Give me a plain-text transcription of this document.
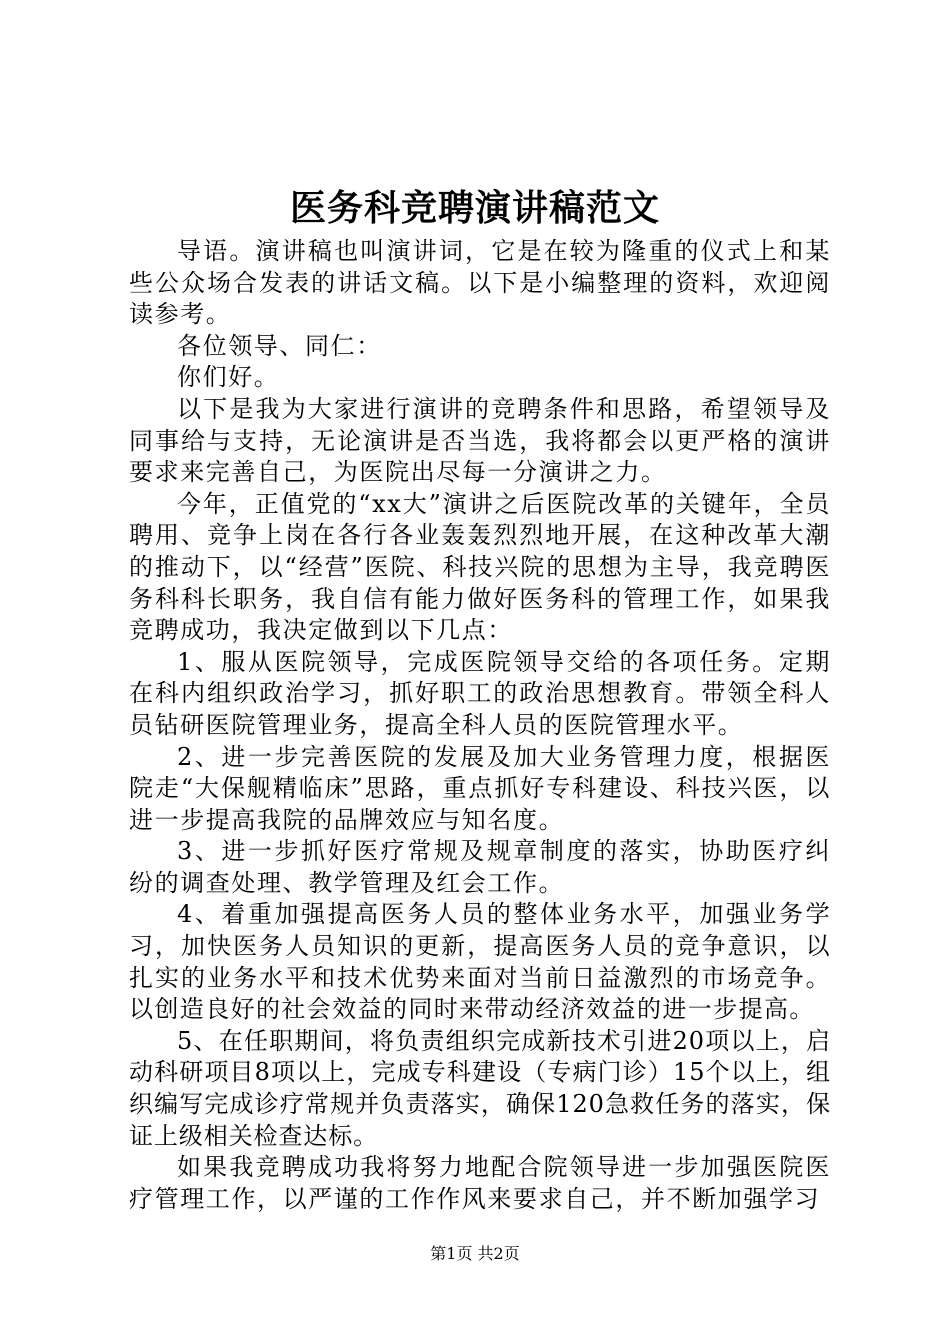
医务科竞聘演讲稿范文

导语。演讲稿也叫演讲词，它是在较为隆重的仪式上和某些公众场合发表的讲话文稿。以下是小编整理的资料，欢迎阅读参考。

各位领导、同仁：

你们好。

以下是我为大家进行演讲的竞聘条件和思路，希望领导及同事给与支持，无论演讲是否当选，我将都会以更严格的演讲要求来完善自己，为医院出尽每一分演讲之力。

今年，正值党的“xx大”演讲之后医院改革的关键年，全员聘用、竞争上岗在各行各业轰轰烈烈地开展，在这种改革大潮的推动下，以“经营”医院、科技兴院的思想为主导，我竞聘医务科科长职务，我自信有能力做好医务科的管理工作，如果我竞聘成功，我决定做到以下几点：

1、服从医院领导，完成医院领导交给的各项任务。定期在科内组织政治学习，抓好职工的政治思想教育。带领全科人员钻研医院管理业务，提高全科人员的医院管理水平。

2、进一步完善医院的发展及加大业务管理力度，根据医院走“大保舰精临床”思路，重点抓好专科建设、科技兴医，以进一步提高我院的品牌效应与知名度。

3、进一步抓好医疗常规及规章制度的落实，协助医疗纠纷的调查处理、教学管理及红会工作。

4、着重加强提高医务人员的整体业务水平，加强业务学习，加快医务人员知识的更新，提高医务人员的竞争意识，以扎实的业务水平和技术优势来面对当前日益激烈的市场竞争。以创造良好的社会效益的同时来带动经济效益的进一步提高。

5、在任职期间，将负责组织完成新技术引进20项以上，启动科研项目8项以上，完成专科建设（专病门诊）15个以上，组织编写完成诊疗常规并负责落实，确保120急救任务的落实，保证上级相关检查达标。

如果我竞聘成功我将努力地配合院领导进一步加强医院医疗管理工作，以严谨的工作作风来要求自己，并不断加强学习

第1页 共2页
